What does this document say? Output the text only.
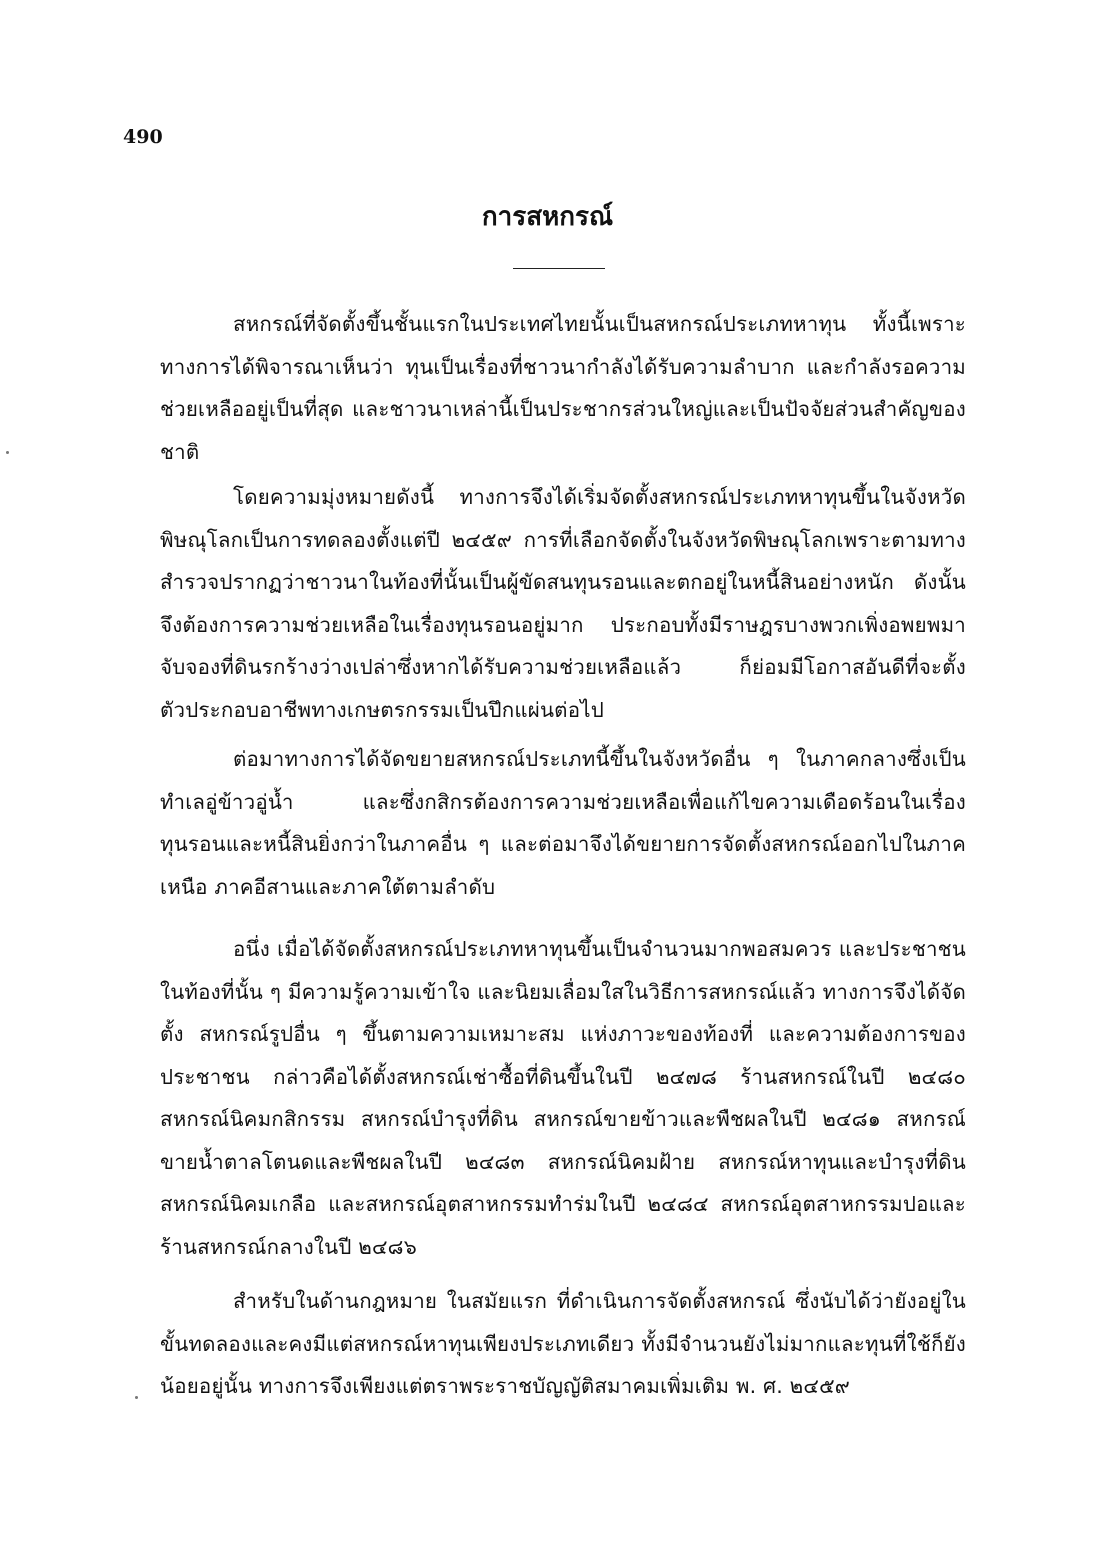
490
การสหกรณ์

สหกรณ์ที่จัดตั้งขึ้นชั้นแรกในประเทศไทยนั้นเป็นสหกรณ์ประเภทหาทุน ทั้งนี้เพราะทางการได้พิจารณาเห็นว่า ทุนเป็นเรื่องที่ชาวนากำลังได้รับความลำบาก และกำลังรอความช่วยเหลืออยู่เป็นที่สุด และชาวนาเหล่านี้เป็นประชากรส่วนใหญ่และเป็นปัจจัยส่วนสำคัญของชาติ

โดยความมุ่งหมายดังนี้ ทางการจึงได้เริ่มจัดตั้งสหกรณ์ประเภทหาทุนขึ้นในจังหวัดพิษณุโลกเป็นการทดลองตั้งแต่ปี ๒๔๕๙ การที่เลือกจัดตั้งในจังหวัดพิษณุโลกเพราะตามทางสำรวจปรากฏว่าชาวนาในท้องที่นั้นเป็นผู้ขัดสนทุนรอนและตกอยู่ในหนี้สินอย่างหนัก ดังนั้นจึงต้องการความช่วยเหลือในเรื่องทุนรอนอยู่มาก ประกอบทั้งมีราษฎรบางพวกเพิ่งอพยพมาจับจองที่ดินรกร้างว่างเปล่าซึ่งหากได้รับความช่วยเหลือแล้ว ก็ย่อมมีโอกาสอันดีที่จะตั้งตัวประกอบอาชีพทางเกษตรกรรมเป็นปึกแผ่นต่อไป

ต่อมาทางการได้จัดขยายสหกรณ์ประเภทนี้ขึ้นในจังหวัดอื่น ๆ ในภาคกลางซึ่งเป็นทำเลอู่ข้าวอู่น้ำ และซึ่งกสิกรต้องการความช่วยเหลือเพื่อแก้ไขความเดือดร้อนในเรื่องทุนรอนและหนี้สินยิ่งกว่าในภาคอื่น ๆ และต่อมาจึงได้ขยายการจัดตั้งสหกรณ์ออกไปในภาคเหนือ ภาคอีสานและภาคใต้ตามลำดับ

อนึ่ง เมื่อได้จัดตั้งสหกรณ์ประเภทหาทุนขึ้นเป็นจำนวนมากพอสมควร และประชาชนในท้องที่นั้น ๆ มีความรู้ความเข้าใจ และนิยมเลื่อมใสในวิธีการสหกรณ์แล้ว ทางการจึงได้จัดตั้ง สหกรณ์รูปอื่น ๆ ขึ้นตามความเหมาะสม แห่งภาวะของท้องที่ และความต้องการของประชาชน กล่าวคือได้ตั้งสหกรณ์เช่าซื้อที่ดินขึ้นในปี ๒๔๗๘ ร้านสหกรณ์ในปี ๒๔๘๐ สหกรณ์นิคมกสิกรรม สหกรณ์บำรุงที่ดิน สหกรณ์ขายข้าวและพืชผลในปี ๒๔๘๑ สหกรณ์ขายน้ำตาลโตนดและพืชผลในปี ๒๔๘๓ สหกรณ์นิคมฝ้าย สหกรณ์หาทุนและบำรุงที่ดิน สหกรณ์นิคมเกลือ และสหกรณ์อุตสาหกรรมทำร่มในปี ๒๔๘๔ สหกรณ์อุตสาหกรรมปอและร้านสหกรณ์กลางในปี ๒๔๘๖

สำหรับในด้านกฎหมาย ในสมัยแรก ที่ดำเนินการจัดตั้งสหกรณ์ ซึ่งนับได้ว่ายังอยู่ในขั้นทดลองและคงมีแต่สหกรณ์หาทุนเพียงประเภทเดียว ทั้งมีจำนวนยังไม่มากและทุนที่ใช้ก็ยังน้อยอยู่นั้น ทางการจึงเพียงแต่ตราพระราชบัญญัติสมาคมเพิ่มเติม พ. ศ. ๒๔๕๙
